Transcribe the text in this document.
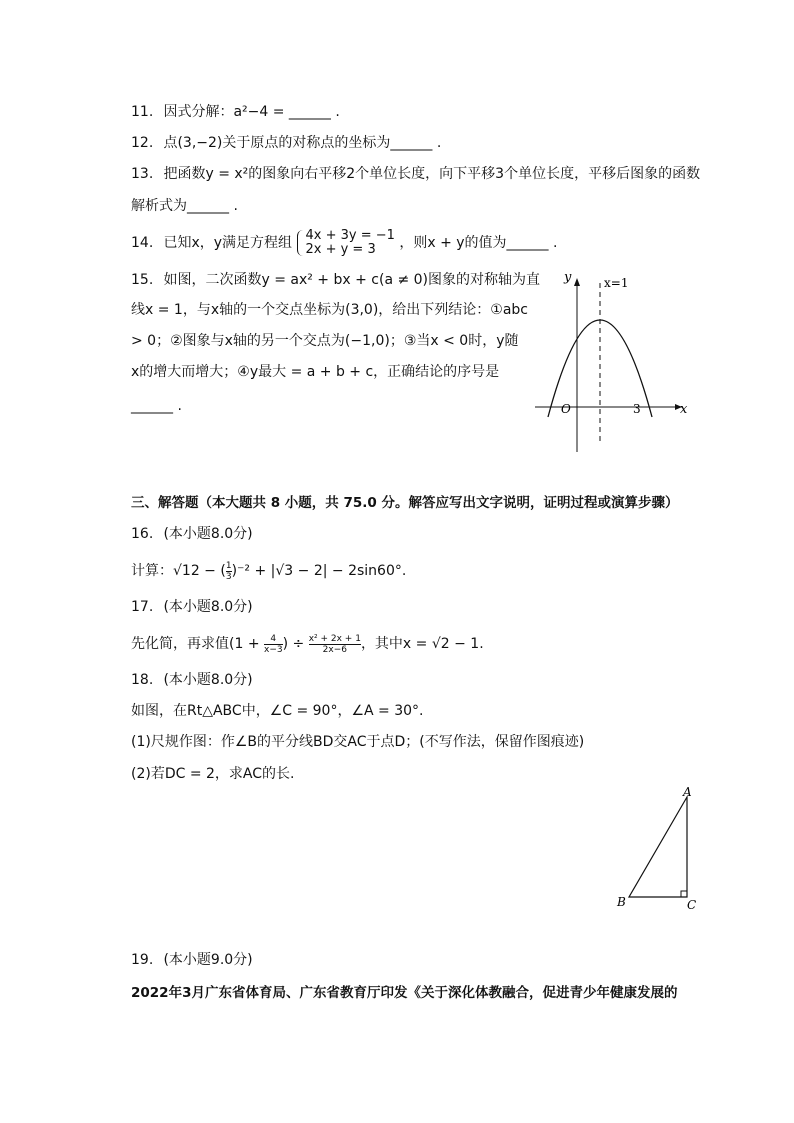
11. 因式分解：a²−4 = ______ .
12. 点(3,−2)关于原点的对称点的坐标为______ .
13. 把函数y = x²的图象向右平移2个单位长度，向下平移3个单位长度，平移后图象的函数
解析式为______ .
14. 已知x，y满足方程组 4x + 3y = −1
2x + y = 3	，则x + y的值为______ .
15. 如图，二次函数y = ax² + bx + c(a ≠ 0)图象的对称轴为直
线x = 1，与x轴的一个交点坐标为(3,0)，给出下列结论：①abc
> 0；②图象与x轴的另一个交点为(−1,0)；③当x < 0时，y随
x的增大而增大；④y最大 = a + b + c，正确结论的序号是
______ .
y
x
O
x=1
3
三、解答题（本大题共 8 小题，共 75.0 分。解答应写出文字说明，证明过程或演算步骤）
16. (本小题8.0分)
计算：√12 − ( $\frac{1}{3} )^{-2} + |√3 - 2| - 2\sin 60^\circ$.
17. (本小题8.0分)
先化简，再求值($1 + \frac{4}{x-3}$ ) ÷ $\frac{\text{x² + 2x + 1}}{2x-6}$ ，其中x = √2 − 1.
18. (本小题8.0分)
如图，在Rt△ABC中，∠C = 90°，∠A = 30°.
(1)尺规作图：作∠B的平分线BD交AC于点D；(不写作法，保留作图痕迹)
(2)若DC = 2，求AC的长.
A
B	C
19. (本小题9.0分)
2022年3月广东省体育局、广东省教育厅印发《关于深化体教融合，促进青少年健康发展的
